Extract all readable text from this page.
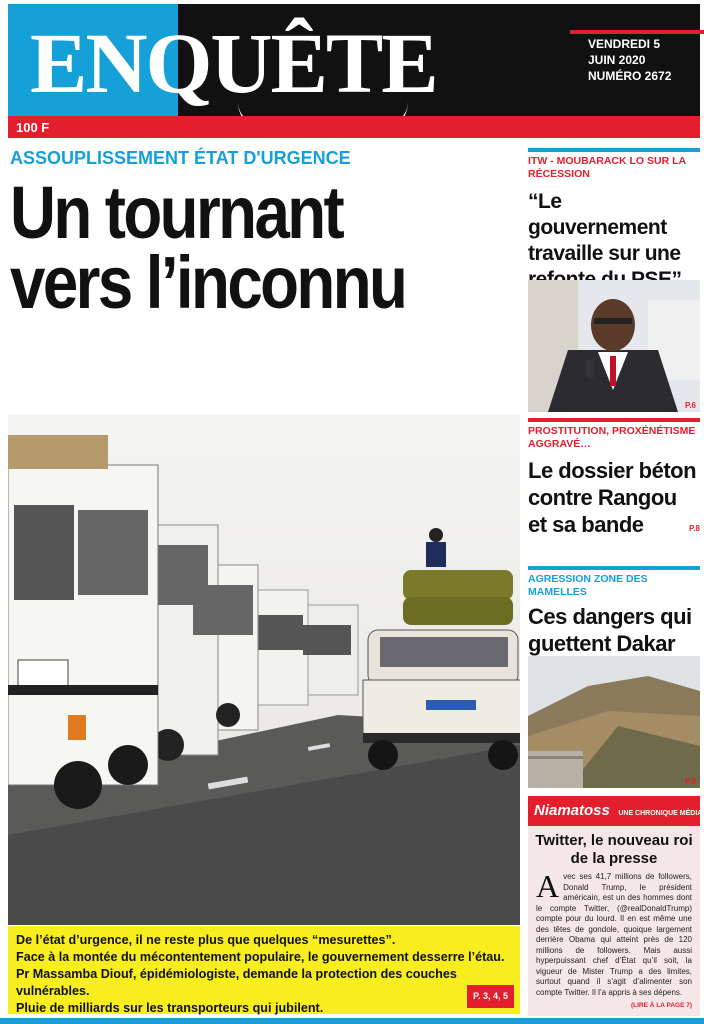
ENQUÊTE	VENDREDI 5
JUIN 2020
NUMÉRO 2672
100 F
ASSOUPLISSEMENT ÉTAT D'URGENCE
Un tournant
vers l’inconnu

De l’état d’urgence, il ne reste plus que quelques “mesurettes”.

Face à la montée du mécontentement populaire, le gouvernement desserre l’étau.

Pr Massamba Diouf, épidémiologiste, demande la protection des couches vulnérables.

Pluie de milliards sur les transporteurs qui jubilent.

P. 3, 4, 5
ITW - MOUBARACK LO SUR LA RÉCESSION
“Le gouvernement travaille sur une
P.6
PROSTITUTION, PROXÉNÉTISME AGGRAVÉ…
Le dossier béton contre Rangou et sa bande	P.8
AGRESSION ZONE DES MAMELLES
Ces dangers qui guettent Dakar
P.8
Niamatoss UNE CHRONIQUE MÉDIA
Twitter, le nouveau roi de la presse
A vec ses 41,7 millions de followers, Donald Trump, le président américain, est un des hommes dont le compte Twitter, (@realDonaldTrump) compte pour du lourd. Il en est même une des têtes de gondole, quoique largement derrière Obama qui atteint près de 120 millions de followers. Mais aussi hyperpuissant chef d’État qu’il soit, la vigueur de Mister Trump a des limites, surtout quand il s’agit d’alimenter son compte Twitter. Il l’a appris à ses dépens.
(LIRE À LA PAGE 7)
